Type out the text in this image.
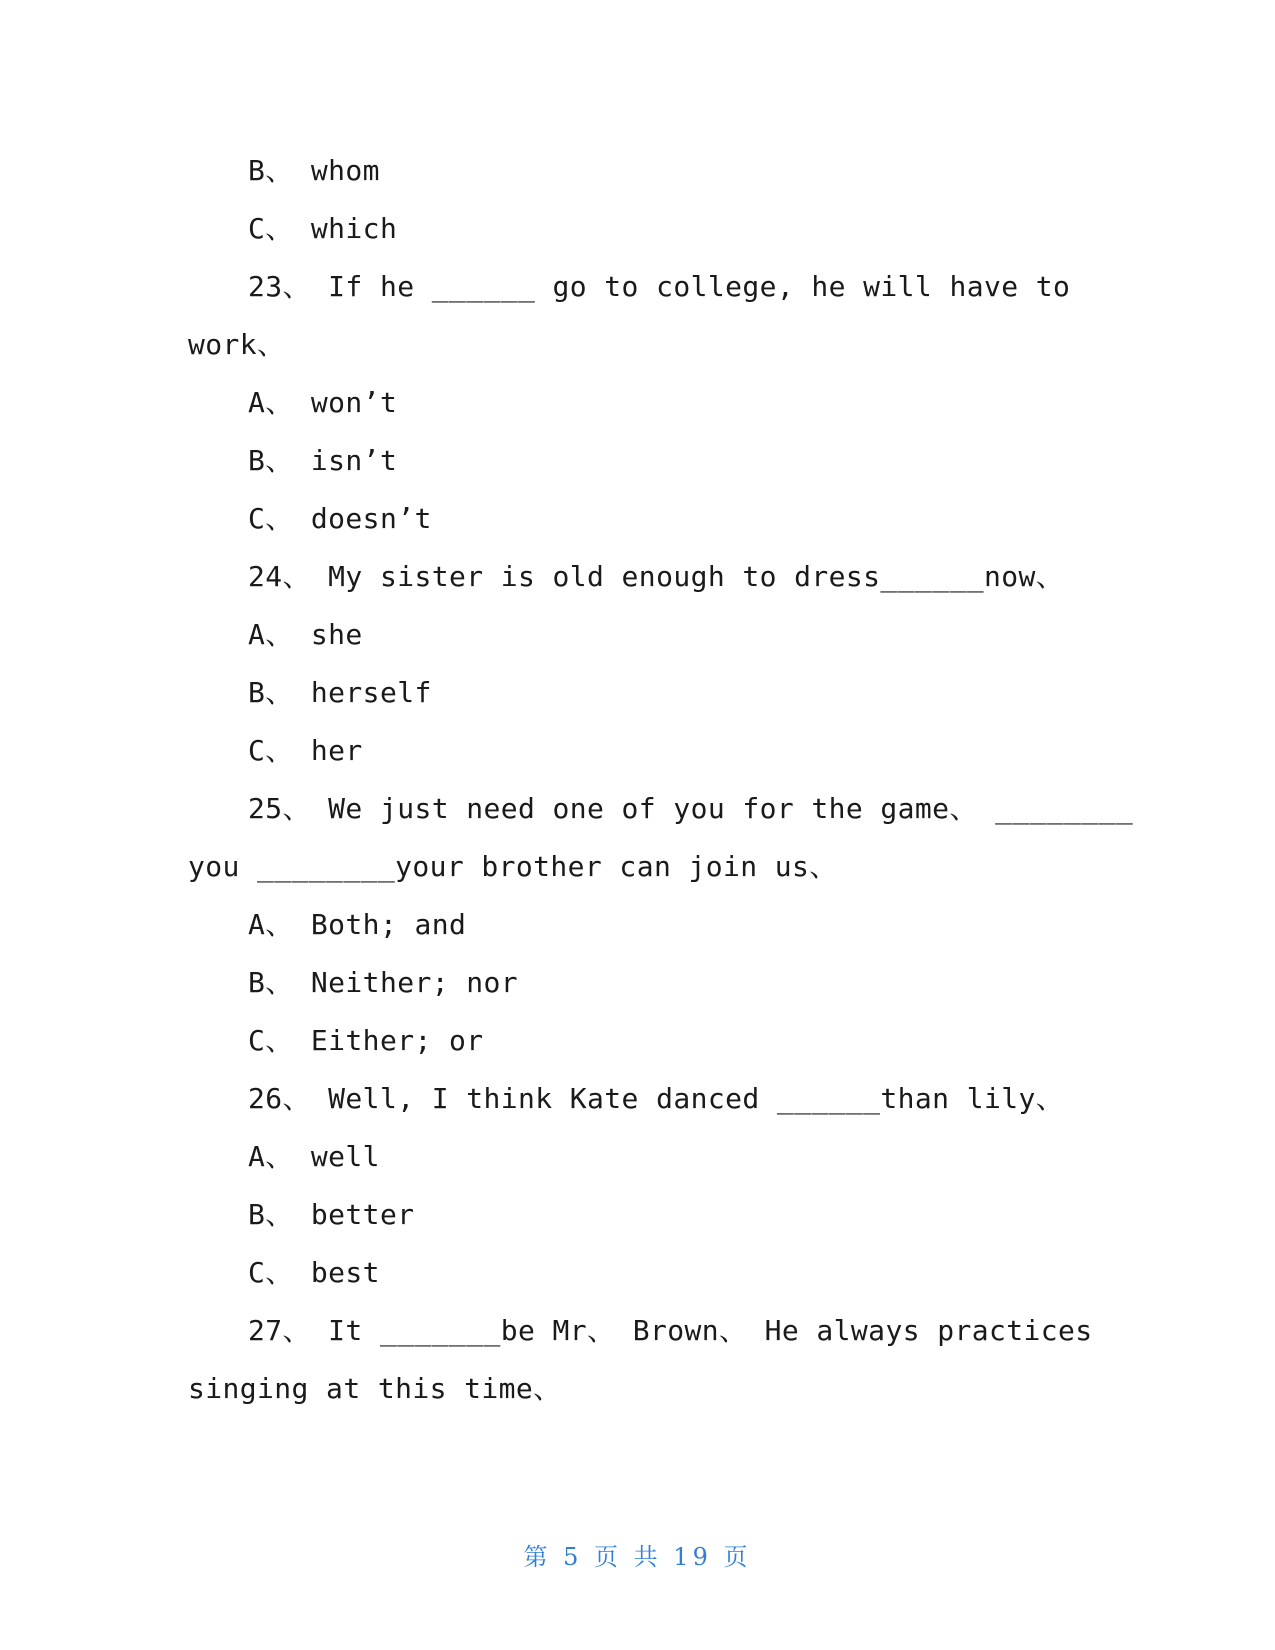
B、 whom
C、 which
23、 If he ______ go to college, he will have to
work、
A、 won’t
B、 isn’t
C、 doesn’t
24、 My sister is old enough to dress______now、
A、 she
B、 herself
C、 her
25、 We just need one of you for the game、 ________
you ________your brother can join us、
A、 Both; and
B、 Neither; nor
C、 Either; or
26、 Well, I think Kate danced ______than lily、
A、 well
B、 better
C、 best
27、 It _______be Mr、 Brown、 He always practices
singing at this time、
第 5 页 共 19 页
